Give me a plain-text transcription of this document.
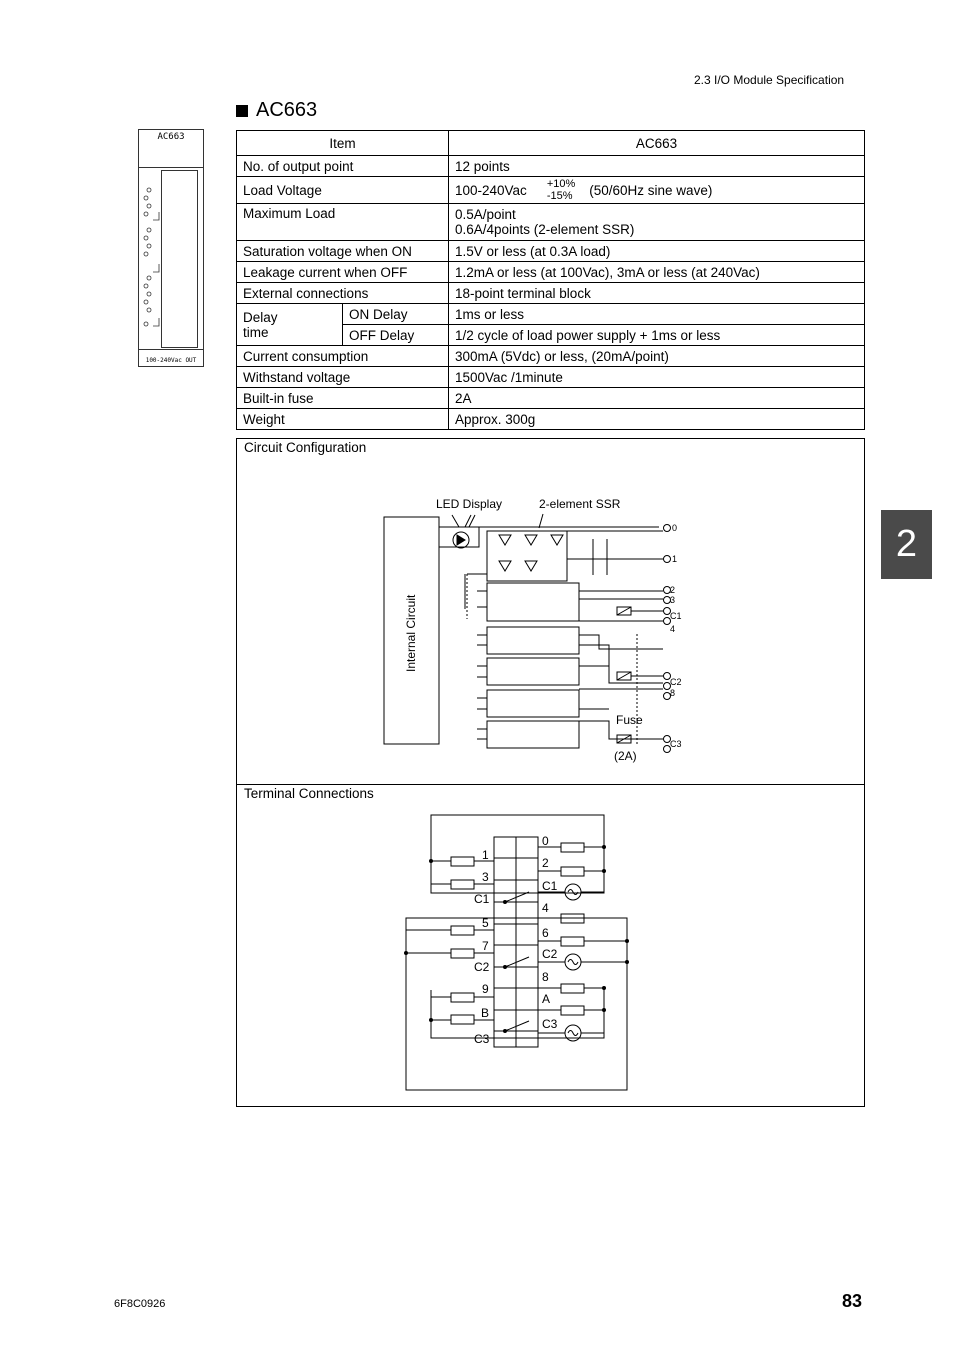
2.3 I/O Module Specification
AC663
AC663
100-240Vac OUT
Item		AC663
No. of output point		12 points
Load Voltage		100-240Vac +10%
-15% (50/60Hz sine wave)

Maximum Load		0.5A/point
0.6A/4points (2-element SSR)

Saturation voltage when ON		1.5V or less (at 0.3A load)
Leakage current when OFF		1.2mA or less (at 100Vac), 3mA or less (at 240Vac)
External connections		18-point terminal block

Delay
time	ON Delay	1ms or less
	OFF Delay	1/2 cycle of load power supply + 1ms or less
Current consumption		300mA (5Vdc) or less, (20mA/point)
Withstand voltage		1500Vac /1minute
Built-in fuse		2A
Weight		Approx. 300g
Circuit Configuration
LED Display	2-element SSR
Internal Circuit
Fuse
(2A)
0
1
2
3
C1
4
C2
8
C3
Terminal Connections
1
3
C1
5
7
C2
9
B
C3
0
2
C1
4
6
C2
8
A
C3
2
6F8C0926	83
